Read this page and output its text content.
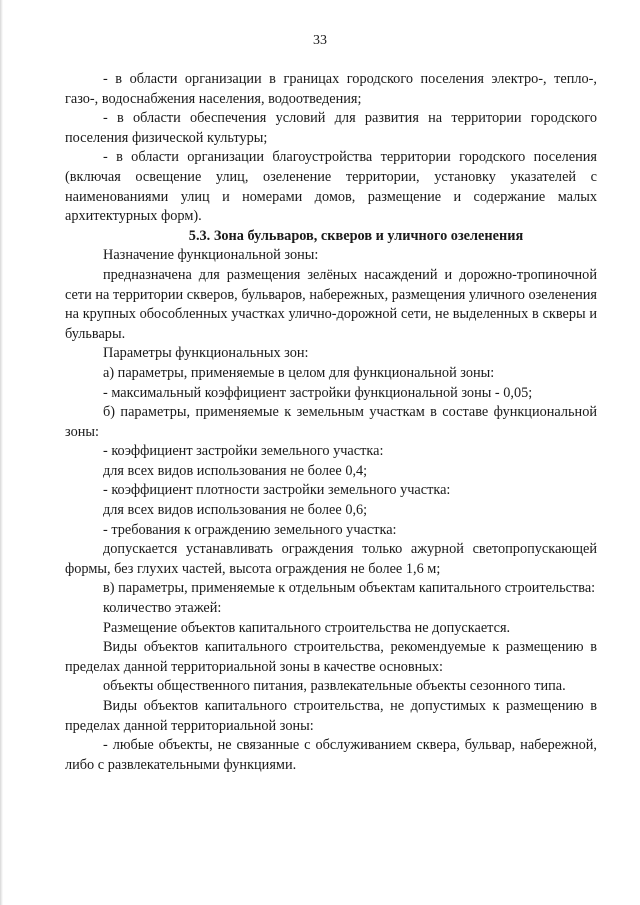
33

- в области организации в границах городского поселения электро-, тепло-, газо-, водоснабжения населения, водоотведения;

- в области обеспечения условий для развития на территории городского поселения физической культуры;

- в области организации благоустройства территории городского поселения (включая освещение улиц, озеленение территории, установку указателей с наименованиями улиц и номерами домов, размещение и содержание малых архитектурных форм).

5.3. Зона бульваров, скверов и уличного озеленения

Назначение функциональной зоны:

предназначена для размещения зелёных насаждений и дорожно-тропиночной сети на территории скверов, бульваров, набережных, размещения уличного озеленения на крупных обособленных участках улично-дорожной сети, не выделенных в скверы и бульвары.

Параметры функциональных зон:

а) параметры, применяемые в целом для функциональной зоны:

- максимальный коэффициент застройки функциональной зоны - 0,05;

б) параметры, применяемые к земельным участкам в составе функциональной зоны:

- коэффициент застройки земельного участка:

для всех видов использования не более 0,4;

- коэффициент плотности застройки земельного участка:

для всех видов использования не более 0,6;

- требования к ограждению земельного участка:

допускается устанавливать ограждения только ажурной светопропускающей формы, без глухих частей, высота ограждения не более 1,6 м;

в) параметры, применяемые к отдельным объектам капитального строительства:

количество этажей:

Размещение объектов капитального строительства не допускается.

Виды объектов капитального строительства, рекомендуемые к размещению в пределах данной территориальной зоны в качестве основных:

объекты общественного питания, развлекательные объекты сезонного типа.

Виды объектов капитального строительства, не допустимых к размещению в пределах данной территориальной зоны:

- любые объекты, не связанные с обслуживанием сквера, бульвар, набережной, либо с развлекательными функциями.
